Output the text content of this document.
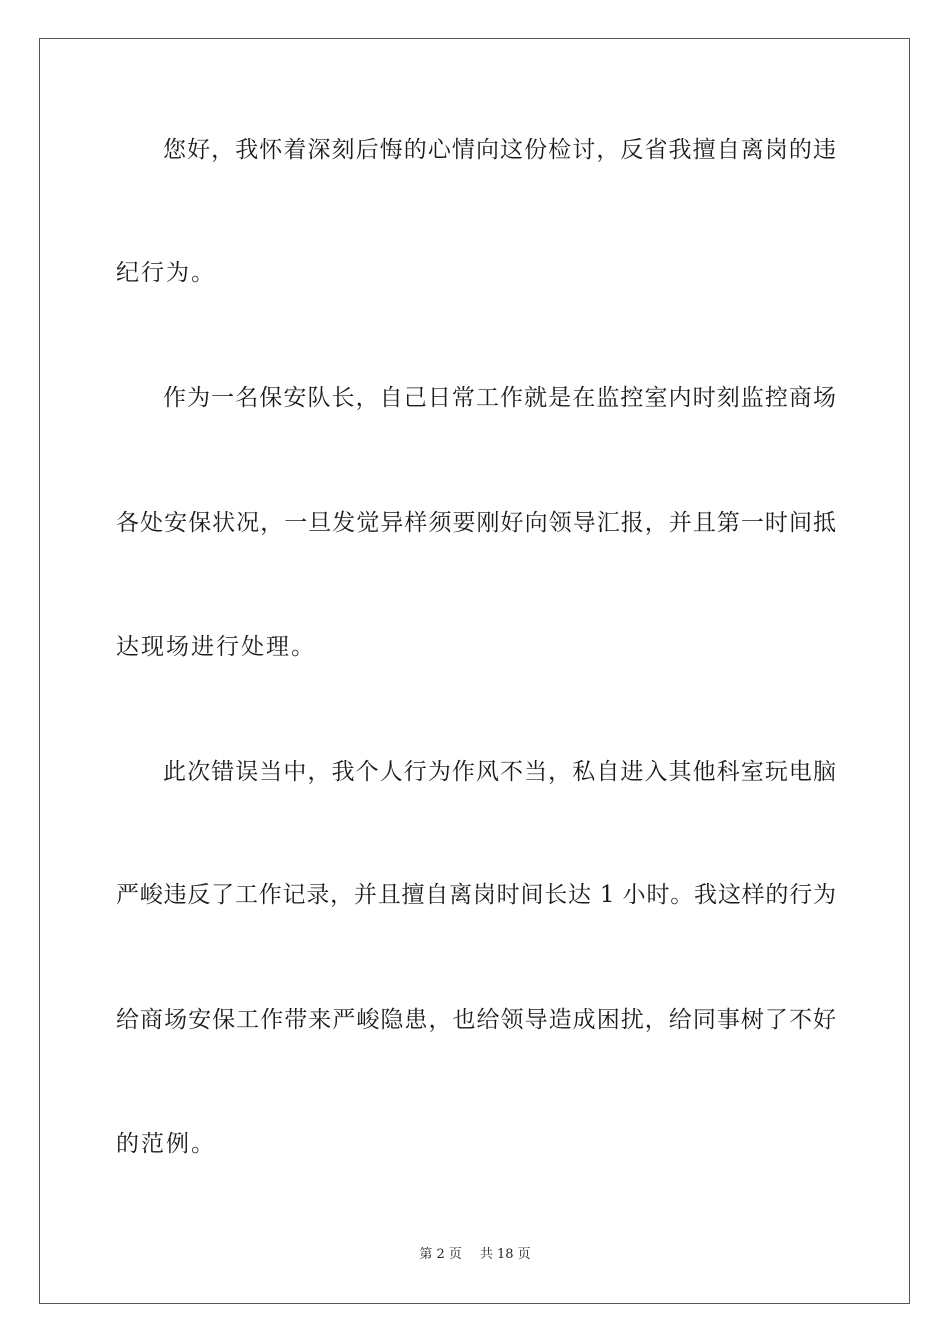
您好，我怀着深刻后悔的心情向这份检讨，反省我擅自离岗的违
纪行为。
作为一名保安队长，自己日常工作就是在监控室内时刻监控商场
各处安保状况，一旦发觉异样须要刚好向领导汇报，并且第一时间抵
达现场进行处理。
此次错误当中，我个人行为作风不当，私自进入其他科室玩电脑
严峻违反了工作记录，并且擅自离岗时间长达 1 小时。我这样的行为
给商场安保工作带来严峻隐患，也给领导造成困扰，给同事树了不好
的范例。
第 2 页 共 18 页
